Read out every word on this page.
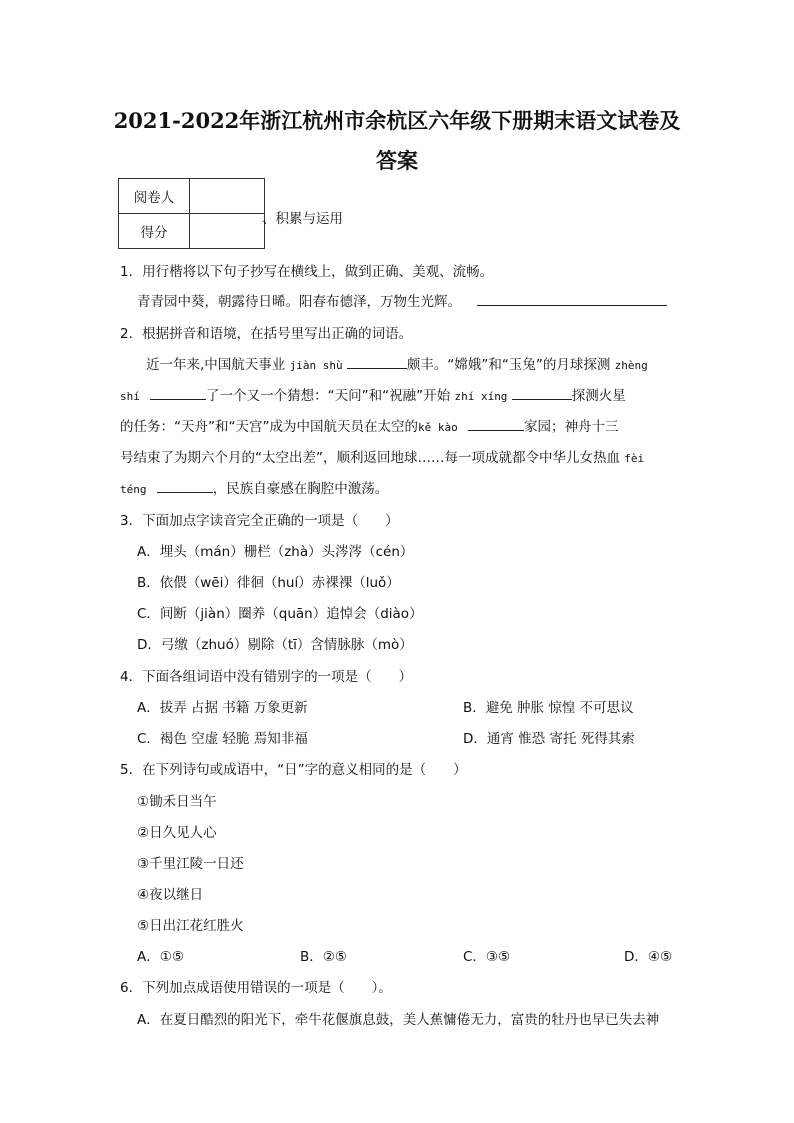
2021-2022年浙江杭州市余杭区六年级下册期末语文试卷及
答案
阅卷人	
得分	
、积累与运用
1．用行楷将以下句子抄写在横线上，做到正确、美观、流畅。
青青园中葵，朝露待日晞。阳春布德泽，万物生光辉。
2．根据拼音和语境，在括号里写出正确的词语。
近一年来,中国航天事业 jiàn shù	颇丰。“嫦娥”和“玉兔”的月球探测 zhèng
shí	了一个又一个猜想：“天问”和“祝融”开始 zhí xíng	探测火星
的任务：“天舟”和“天宫”成为中国航天员在太空的kě kào	家园；神舟十三
号结束了为期六个月的“太空出差”，顺利返回地球……每一项成就都令中华儿女热血 fèi
téng	，民族自豪感在胸腔中激荡。
3．下面加点字读音完全正确的一项是（　　）
A．埋头（mán）栅栏（zhà）头涔涔（cén）
B．依偎（wēi）徘徊（huí）赤裸裸（luǒ）
C．间断（jiàn）圈养（quān）追悼会（diào）
D．弓缴（zhuó）剔除（tī）含情脉脉（mò）
4．下面各组词语中没有错别字的一项是（　　）
A．拔弄 占据 书籍 万象更新	B．避免 肿胀 惊惶 不可思议
C．褐色 空虚 轻脆 焉知非福	D．通宵 惟恐 寄托 死得其索
5．在下列诗句或成语中，“日”字的意义相同的是（　　）
①锄禾日当午
②日久见人心
③千里江陵一日还
④夜以继日
⑤日出江花红胜火
A．①⑤	B．②⑤	C．③⑤	D．④⑤
6．下列加点成语使用错误的一项是（　　）。
A．在夏日酷烈的阳光下，牵牛花偃旗息鼓，美人蕉慵倦无力，富贵的牡丹也早已失去神
